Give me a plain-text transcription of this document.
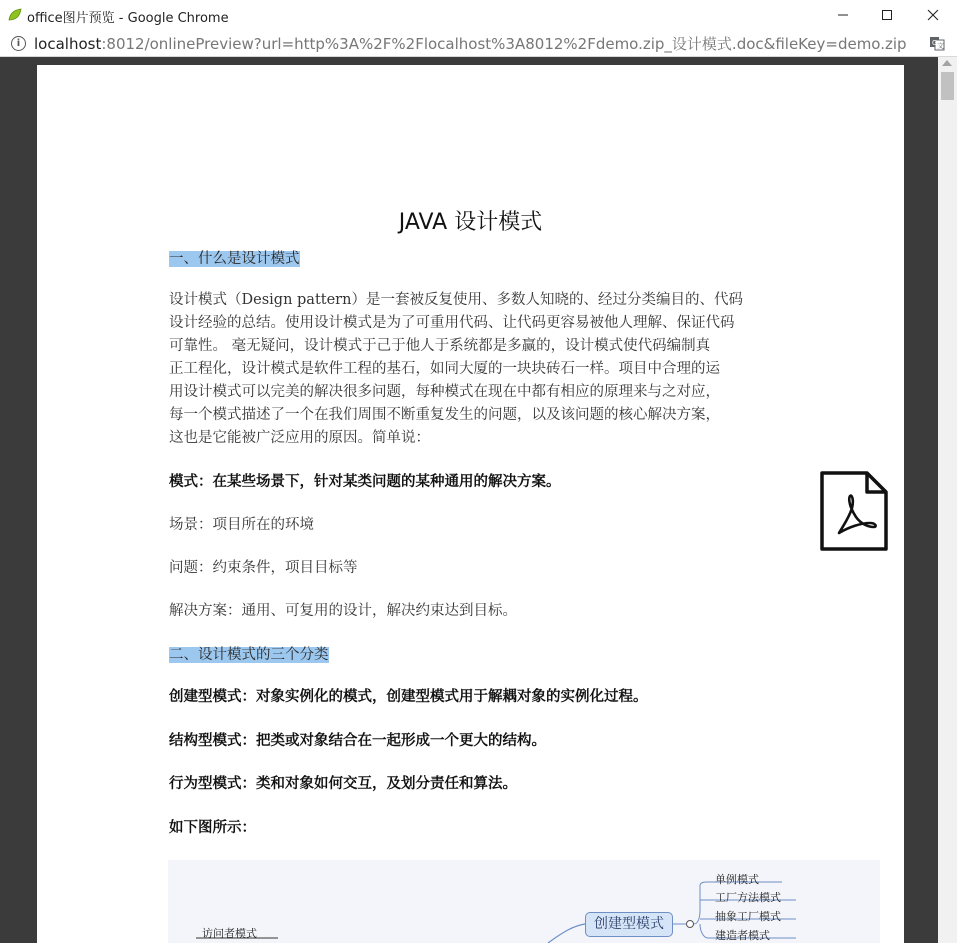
office图片预览 - Google Chrome
i localhost:8012/onlinePreview?url=http%3A%2F%2Flocalhost%3A8012%2Fdemo.zip_设计模式.doc&fileKey=demo.zip	G 文
JAVA 设计模式
一、什么是设计模式
设计模式（Design pattern）是一套被反复使用、多数人知晓的、经过分类编目的、代码
设计经验的总结。使用设计模式是为了可重用代码、让代码更容易被他人理解、保证代码
可靠性。 毫无疑问，设计模式于己于他人于系统都是多赢的，设计模式使代码编制真
正工程化，设计模式是软件工程的基石，如同大厦的一块块砖石一样。项目中合理的运
用设计模式可以完美的解决很多问题，每种模式在现在中都有相应的原理来与之对应，
每一个模式描述了一个在我们周围不断重复发生的问题，以及该问题的核心解决方案，
这也是它能被广泛应用的原因。简单说：
模式：在某些场景下，针对某类问题的某种通用的解决方案。
场景：项目所在的环境
问题：约束条件，项目目标等
解决方案：通用、可复用的设计，解决约束达到目标。
二、设计模式的三个分类
创建型模式：对象实例化的模式，创建型模式用于解耦对象的实例化过程。
结构型模式：把类或对象结合在一起形成一个更大的结构。
行为型模式：类和对象如何交互，及划分责任和算法。
如下图所示：
创建型模式
单例模式
工厂方法模式
抽象工厂模式
建造者模式
访问者模式
